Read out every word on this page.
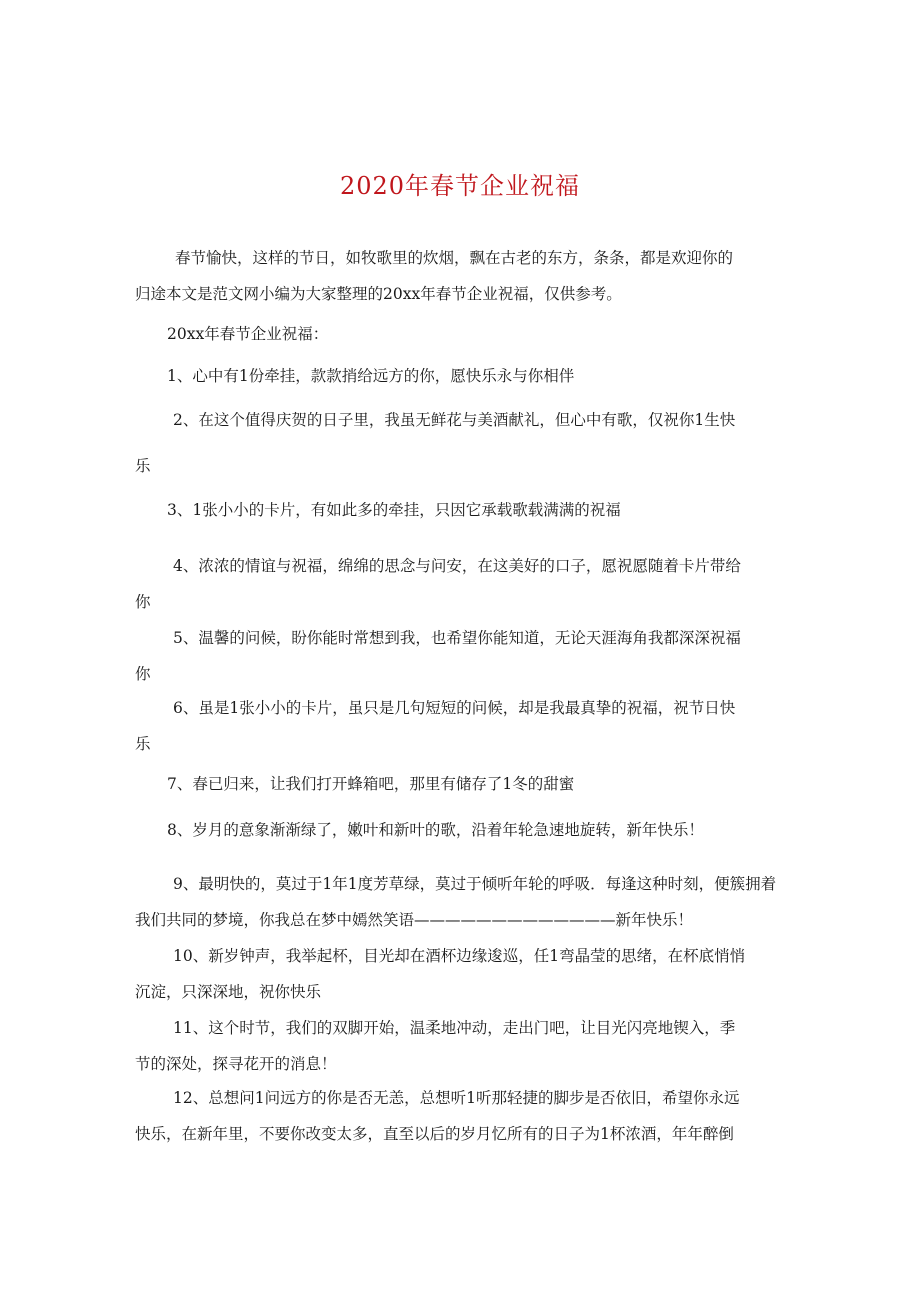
2020年春节企业祝福
春节愉快，这样的节日，如牧歌里的炊烟，飘在古老的东方，条条，都是欢迎你的
归途本文是范文网小编为大家整理的20xx年春节企业祝福，仅供参考。
20xx年春节企业祝福：
1、心中有1份牵挂，款款捎给远方的你，愿快乐永与你相伴
2、在这个值得庆贺的日子里，我虽无鲜花与美酒献礼，但心中有歌，仅祝你1生快
乐
3、1张小小的卡片，有如此多的牵挂，只因它承载歌载满满的祝福
4、浓浓的情谊与祝福，绵绵的思念与问安，在这美好的口子，愿祝愿随着卡片带给
你
5、温馨的问候，盼你能时常想到我，也希望你能知道，无论天涯海角我都深深祝福
你
6、虽是1张小小的卡片，虽只是几句短短的问候，却是我最真挚的祝福，祝节日快
乐
7、春已归来，让我们打开蜂箱吧，那里有储存了1冬的甜蜜
8、岁月的意象渐渐绿了，嫩叶和新叶的歌，沿着年轮急速地旋转，新年快乐！
9、最明快的，莫过于1年1度芳草绿，莫过于倾听年轮的呼吸．每逢这种时刻，便簇拥着
我们共同的梦境，你我总在梦中嫣然笑语—————————————新年快乐！
10、新岁钟声，我举起杯，目光却在酒杯边缘逡巡，任1弯晶莹的思绪，在杯底悄悄
沉淀，只深深地，祝你快乐
11、这个时节，我们的双脚开始，温柔地冲动，走出门吧，让目光闪亮地锲入，季
节的深处，探寻花开的消息！
12、总想问1问远方的你是否无恙，总想听1听那轻捷的脚步是否依旧，希望你永远
快乐，在新年里，不要你改变太多，直至以后的岁月忆所有的日子为1杯浓酒，年年醉倒
